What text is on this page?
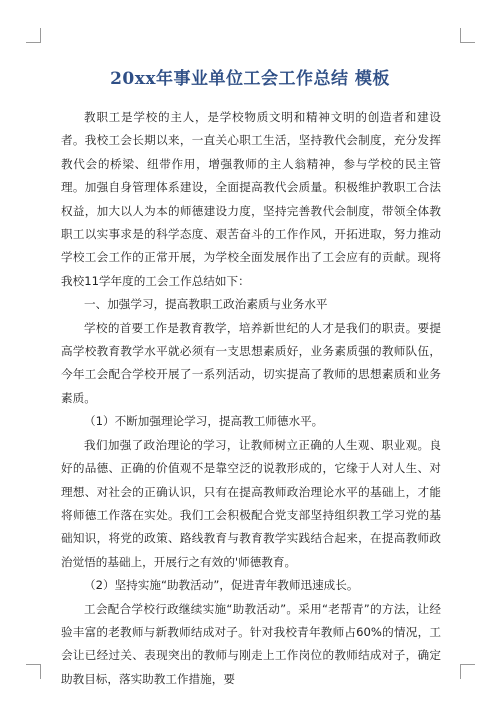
20xx年事业单位工会工作总结 模板

教职工是学校的主人，是学校物质文明和精神文明的创造者和建设者。我校工会长期以来，一直关心职工生活，坚持教代会制度，充分发挥教代会的桥梁、纽带作用，增强教师的主人翁精神，参与学校的民主管理。加强自身管理体系建设，全面提高教代会质量。积极维护教职工合法权益，加大以人为本的师德建设力度，坚持完善教代会制度，带领全体教职工以实事求是的科学态度、艰苦奋斗的工作作风，开拓进取，努力推动学校工会工作的正常开展，为学校全面发展作出了工会应有的贡献。现将我校11学年度的工会工作总结如下：

一、加强学习，提高教职工政治素质与业务水平

学校的首要工作是教育教学，培养新世纪的人才是我们的职责。要提高学校教育教学水平就必须有一支思想素质好，业务素质强的教师队伍，今年工会配合学校开展了一系列活动，切实提高了教师的思想素质和业务素质。

（1）不断加强理论学习，提高教工师德水平。

我们加强了政治理论的学习，让教师树立正确的人生观、职业观。良好的品德、正确的价值观不是靠空泛的说教形成的，它缘于人对人生、对理想、对社会的正确认识，只有在提高教师政治理论水平的基础上，才能将师德工作落在实处。我们工会积极配合党支部坚持组织教工学习党的基础知识，将党的政策、路线教育与教育教学实践结合起来，在提高教师政治觉悟的基础上，开展行之有效的'师德教育。

（2）坚持实施“助教活动”，促进青年教师迅速成长。

工会配合学校行政继续实施“助教活动”。采用“老帮青”的方法，让经验丰富的老教师与新教师结成对子。针对我校青年教师占60%的情况，工会让已经过关、表现突出的教师与刚走上工作岗位的教师结成对子，确定助教目标，落实助教工作措施，要
